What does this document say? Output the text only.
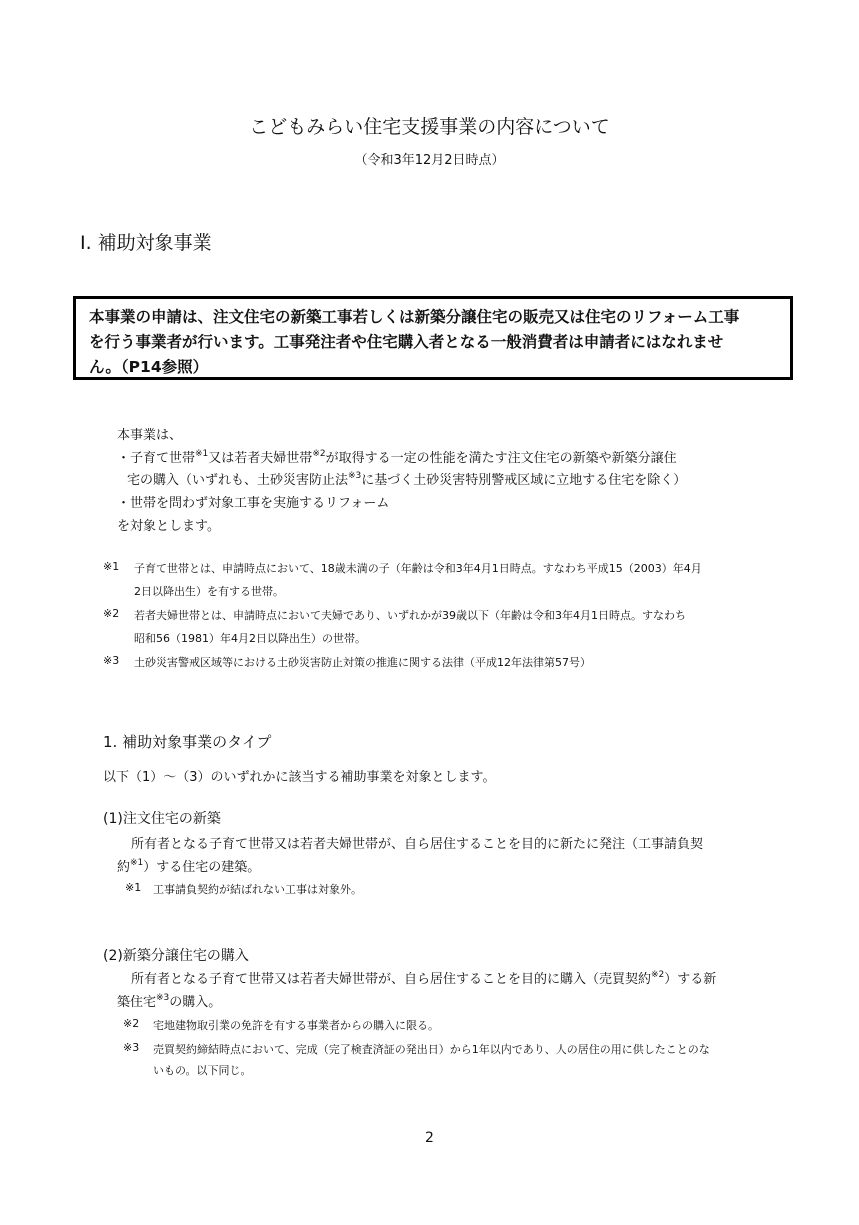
こどもみらい住宅支援事業の内容について
（令和3年12月2日時点）
Ⅰ. 補助対象事業
本事業の申請は、注文住宅の新築工事若しくは新築分譲住宅の販売又は住宅のリフォーム工事
を行う事業者が行います。工事発注者や住宅購入者となる一般消費者は申請者にはなれませ
ん。（P14参照）
本事業は、
・子育て世帯$^{※1}$又は若者夫婦世帯$^{※2}$が取得する一定の性能を満たす注文住宅の新築や新築分譲住
宅の購入（いずれも、土砂災害防止法$^{※3}$に基づく土砂災害特別警戒区域に立地する住宅を除く）
・世帯を問わず対象工事を実施するリフォーム
を対象とします。
※1 子育て世帯とは、申請時点において、18歳未満の子（年齢は令和3年4月1日時点。すなわち平成15（2003）年4月
2日以降出生）を有する世帯。
※2 若者夫婦世帯とは、申請時点において夫婦であり、いずれかが39歳以下（年齢は令和3年4月1日時点。すなわち
昭和56（1981）年4月2日以降出生）の世帯。
※3 土砂災害警戒区域等における土砂災害防止対策の推進に関する法律（平成12年法律第57号）
1. 補助対象事業のタイプ
以下（1）～（3）のいずれかに該当する補助事業を対象とします。
(1)注文住宅の新築
所有者となる子育て世帯又は若者夫婦世帯が、自ら居住することを目的に新たに発注（工事請負契
約$^{※1}$）する住宅の建築。
※1 工事請負契約が結ばれない工事は対象外。
(2)新築分譲住宅の購入
所有者となる子育て世帯又は若者夫婦世帯が、自ら居住することを目的に購入（売買契約$^{※2}$）する新
築住宅$^{※3}$の購入。
※2 宅地建物取引業の免許を有する事業者からの購入に限る。
※3 売買契約締結時点において、完成（完了検査済証の発出日）から1年以内であり、人の居住の用に供したことのな
いもの。以下同じ。
2
